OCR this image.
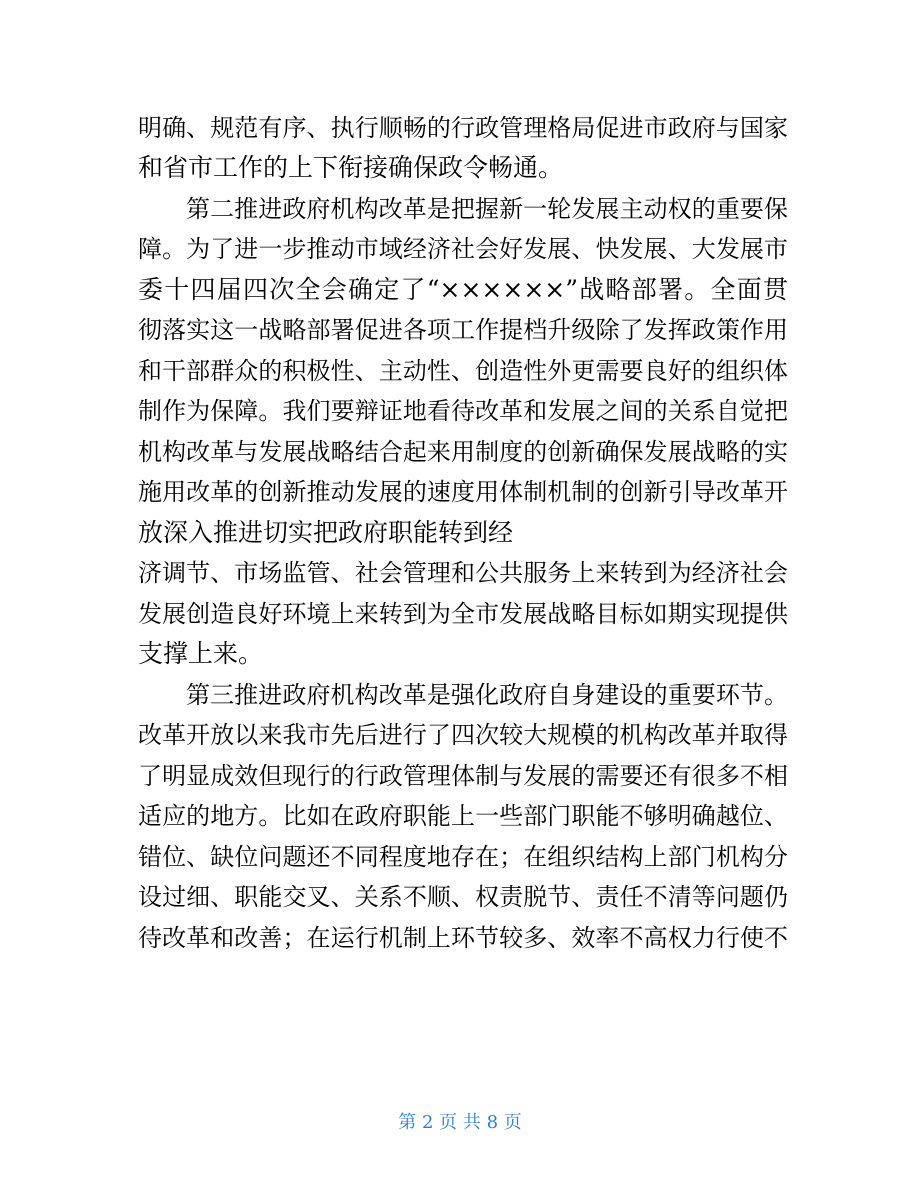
明确、规范有序、执行顺畅的行政管理格局促进市政府与国家
和省市工作的上下衔接确保政令畅通。
第二推进政府机构改革是把握新一轮发展主动权的重要保
障。为了进一步推动市域经济社会好发展、快发展、大发展市
委十四届四次全会确定了“××××××”战略部署。全面贯
彻落实这一战略部署促进各项工作提档升级除了发挥政策作用
和干部群众的积极性、主动性、创造性外更需要良好的组织体
制作为保障。我们要辩证地看待改革和发展之间的关系自觉把
机构改革与发展战略结合起来用制度的创新确保发展战略的实
施用改革的创新推动发展的速度用体制机制的创新引导改革开
放深入推进切实把政府职能转到经
济调节、市场监管、社会管理和公共服务上来转到为经济社会
发展创造良好环境上来转到为全市发展战略目标如期实现提供
支撑上来。
第三推进政府机构改革是强化政府自身建设的重要环节。
改革开放以来我市先后进行了四次较大规模的机构改革并取得
了明显成效但现行的行政管理体制与发展的需要还有很多不相
适应的地方。比如在政府职能上一些部门职能不够明确越位、
错位、缺位问题还不同程度地存在；在组织结构上部门机构分
设过细、职能交叉、关系不顺、权责脱节、责任不清等问题仍
待改革和改善；在运行机制上环节较多、效率不高权力行使不
第 2 页 共 8 页
